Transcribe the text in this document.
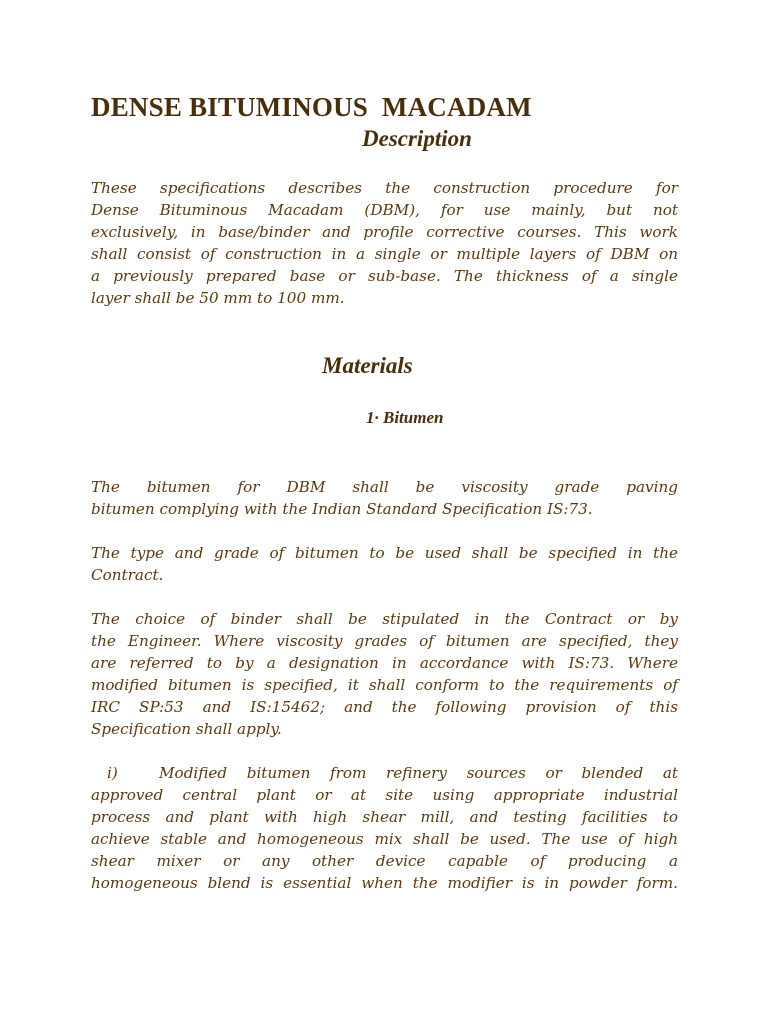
DENSE BITUMINOUS  MACADAM
Description
These specifications describes the construction procedure for
Dense Bituminous Macadam (DBM), for use mainly, but not
exclusively, in base/binder and profile corrective courses. This work
shall consist of construction in a single or multiple layers of DBM on
a previously prepared base or sub-base. The thickness of a single
layer shall be 50 mm to 100 mm.
Materials
1· Bitumen
The bitumen for DBM shall be viscosity grade paving
bitumen complying with the Indian Standard Specification IS:73.
The type and grade of bitumen to be used shall be specified in the
Contract.
The choice of binder shall be stipulated in the Contract or by
the Engineer. Where viscosity grades of bitumen are specified, they
are referred to by a designation in accordance with IS:73. Where
modified bitumen is specified, it shall conform to the requirements of
IRC SP:53 and IS:15462; and the following provision of this
Specification shall apply.
i)	Modified bitumen from refinery sources or blended at
approved central plant or at site using appropriate industrial
process and plant with high shear mill, and testing facilities to
achieve stable and homogeneous mix shall be used. The use of high
shear mixer or any other device capable of producing a
homogeneous blend is essential when the modifier is in powder form.
